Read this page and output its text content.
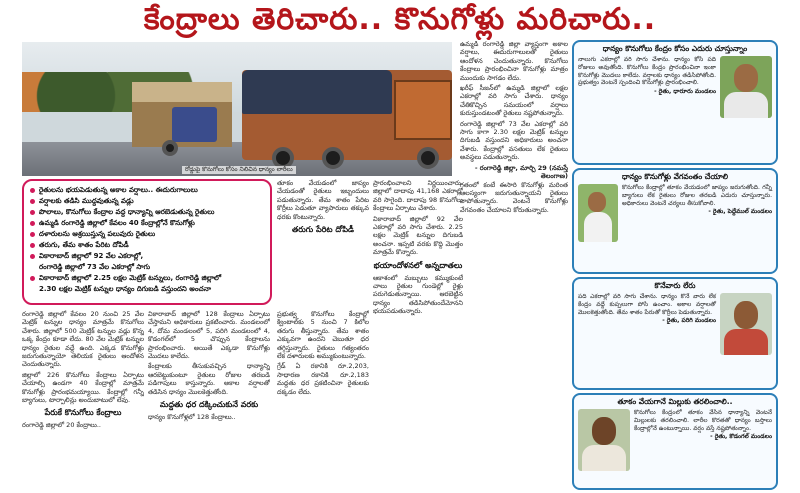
కేంద్రాలు తెరిచారు.. కొనుగోళ్లు మరిచారు..
రోడ్డుపై కొనుగోలు కోసం నిలిచిన ధాన్యం లారీలు
రైతులను భయపెడుతున్న అకాల వర్షాలు.. ఈదురుగాలులు
వర్షాలకు తడిసి ముద్దవుతున్న వడ్లు
పొలాలు, కొనుగోలు కేంద్రాల వద్ద ధాన్యాన్ని ఆరబెడుతున్న రైతులు
ఉమ్మడి రంగారెడ్డి జిల్లాలో కేవలం 40 కేంద్రాల్లోనే కొనుగోళ్లు
దళారులను ఆశ్రయిస్తున్న పలువురు రైతులు
తరుగు, తేమ శాతం పేరిట దోపిడీ
వికారాబాద్ జిల్లాలో 92 వేల ఎకరాల్లో,
రంగారెడ్డి జిల్లాలో 73 వేల ఎకరాల్లో సాగు
వికారాబాద్ జిల్లాలో 2.25 లక్షల మెట్రిక్ టన్నులు, రంగారెడ్డి జిల్లాలో
2.30 లక్షల మెట్రిక్ టన్నుల ధాన్యం దిగుబడి వస్తుందని అంచనా

రంగారెడ్డి జిల్లాలో కేవలం 20 నుంచి 25 వేల మెట్రిక్ టన్నుల ధాన్యం మాత్రమే కొనుగోలు చేశారు. జిల్లాలో 500 మెట్రిక్ టన్నుల వడ్లు కొన్న ఒక్క కేంద్రం కూడా లేదు. 80 వేల మెట్రిక్ టన్నుల ధాన్యం రైతుల వద్దే ఉంది. ఎక్కడ కొనుగోళ్లు జరుగుతున్నాయో తెలియక రైతులు ఆందోళన చెందుతున్నారు.

జిల్లాలో 226 కొనుగోలు కేంద్రాలు ఏర్పాటు చేయాల్సి ఉండగా 40 కేంద్రాల్లో మాత్రమే కొనుగోళ్లు ప్రారంభమయ్యాయి. కేంద్రాల్లో గన్నీ బ్యాగులు, టార్పాలిన్లు అందుబాటులో లేవు.

పేరుకే కొనుగోలు కేంద్రాలు

రంగారెడ్డి జిల్లాలో 20 కేంద్రాలు..

వికారాబాద్ జిల్లాలో 128 కేంద్రాలు ఏర్పాటు చేస్తామని అధికారులు ప్రకటించారు. మండలంలో 4, దోమ మండలంలో 5, పరిగి మండలంలో 4, కొడంగల్‌లో 5 చొప్పున కేంద్రాలను ప్రారంభించారు. అయితే ఎక్కడా కొనుగోళ్లు మొదలు కాలేదు.

కేంద్రాలకు తీసుకువచ్చిన ధాన్యాన్ని ఆరబెట్టుకుంటూ రైతులు రోజుల తరబడి పడిగాపులు కాస్తున్నారు. అకాల వర్షాలతో తడిసిన ధాన్యం మొలకెత్తుతోంది.

మద్దతు ధర దక్కించుకునే వరకు

ధాన్యం కొనుగోళ్లలో 128 కేంద్రాలు..

తూకం వేయడంలో జాప్యం చేయడంతో రైతులు ఇబ్బందులు పడుతున్నారు. తేమ శాతం పేరిట కొర్రీలు పెడుతూ వ్యాపారులు తక్కువ ధరకు కొంటున్నారు.

తరుగు పేరిట దోపిడీ

ప్రభుత్వ కొనుగోలు కేంద్రాల్లో క్వింటాల్‌కు 5 నుంచి 7 కిలోల తరుగు తీస్తున్నారు. తేమ శాతం ఎక్కువగా ఉందని చెబుతూ ధర తగ్గిస్తున్నారు. రైతులు గత్యంతరం లేక దళారులకు అమ్ముకుంటున్నారు.

గ్రేడ్ ఏ రకానికి రూ.2,203, సాధారణ రకానికి రూ.2,183 మద్దతు ధర ప్రకటించినా రైతులకు దక్కడం లేదు.

ప్రారంభించాలని నిర్ణయించారు. జిల్లాలో దాదాపు 41,168 ఎకరాల్లో వరి సాగైంది. దాదాపు 98 కొనుగోలు కేంద్రాలు ఏర్పాటు చేశారు.

వికారాబాద్ జిల్లాలో 92 వేల ఎకరాల్లో వరి సాగు చేశారు. 2.25 లక్షల మెట్రిక్ టన్నుల దిగుబడి అంచనా. ఇప్పటి వరకు కొద్ది మొత్తం మాత్రమే కొన్నారు.

భయాందోళనలో అన్నదాతలు

ఆకాశంలో మబ్బులు కమ్ముకుంటే చాలు రైతుల గుండెల్లో రైళ్లు పరుగెడుతున్నాయి. ఆరబెట్టిన ధాన్యం తడిసిపోతుందేమోనని భయపడుతున్నారు.

ఉమ్మడి రంగారెడ్డి జిల్లా వ్యాప్తంగా అకాల వర్షాలు, ఈదురుగాలులతో రైతులు ఆందోళన చెందుతున్నారు. కొనుగోలు కేంద్రాలు ప్రారంభించినా కొనుగోళ్లు మాత్రం ముందుకు సాగడం లేదు.

ఖరీఫ్ సీజన్‌లో ఉమ్మడి జిల్లాలో లక్షల ఎకరాల్లో వరి సాగు చేశారు. ధాన్యం చేతికొచ్చిన సమయంలో వర్షాలు కురుస్తుండటంతో రైతులు నష్టపోతున్నారు.

రంగారెడ్డి జిల్లాలో 73 వేల ఎకరాల్లో వరి సాగు కాగా 2.30 లక్షల మెట్రిక్ టన్నుల దిగుబడి వస్తుందని అధికారులు అంచనా వేశారు. కేంద్రాల్లో వసతులు లేక రైతులు అవస్థలు పడుతున్నారు.

- రంగారెడ్డి జిల్లా, మార్చి 29 (నమస్తే తెలంగాణ)

గతంలో కంటే ఈసారి కొనుగోళ్లు మరింత ఆలస్యంగా జరుగుతున్నాయని రైతులు వాపోతున్నారు. వెంటనే కొనుగోళ్లు వేగవంతం చేయాలని కోరుతున్నారు.

ధాన్యం కొనుగోలు కేంద్రం కోసం ఎదురు చూస్తున్నాం
నాలుగు ఎకరాల్లో వరి సాగు చేశాను. ధాన్యం కోసి పది రోజులు అవుతోంది. కొనుగోలు కేంద్రం ప్రారంభించినా ఇంకా కొనుగోళ్లు మొదలు కాలేదు. వర్షాలకు ధాన్యం తడిసిపోతోంది. ప్రభుత్వం వెంటనే స్పందించి కొనుగోళ్లు ప్రారంభించాలి.
- రైతు, ధారూరు మండలం
ధాన్యం కొనుగోళ్లు వేగవంతం చేయాలి
కొనుగోలు కేంద్రాల్లో తూకం వేయడంలో జాప్యం జరుగుతోంది. గన్నీ బ్యాగులు లేక రైతులు రోజుల తరబడి ఎదురు చూస్తున్నారు. అధికారులు వెంటనే చర్యలు తీసుకోవాలి.
- రైతు, పెద్దేముల్ మండలం
కొనేవారు లేరు
పది ఎకరాల్లో వరి సాగు చేశాను. ధాన్యం కొనే వారు లేక కేంద్రం వద్దే కుప్పలుగా పోసి ఉంచాం. అకాల వర్షాలతో మొలకెత్తుతోంది. తేమ శాతం పేరుతో కొర్రీలు పెడుతున్నారు.
- రైతు, పరిగి మండలం
తూకం వేయగానే మిల్లుకు తరలించాలి..
కొనుగోలు కేంద్రంలో తూకం వేసిన ధాన్యాన్ని వెంటనే మిల్లులకు తరలించాలి. లారీల కొరతతో ధాన్యం బస్తాలు కేంద్రాల్లోనే ఉంటున్నాయి. వర్షం వస్తే నష్టపోతున్నాం.
- రైతు, కొడంగల్ మండలం
